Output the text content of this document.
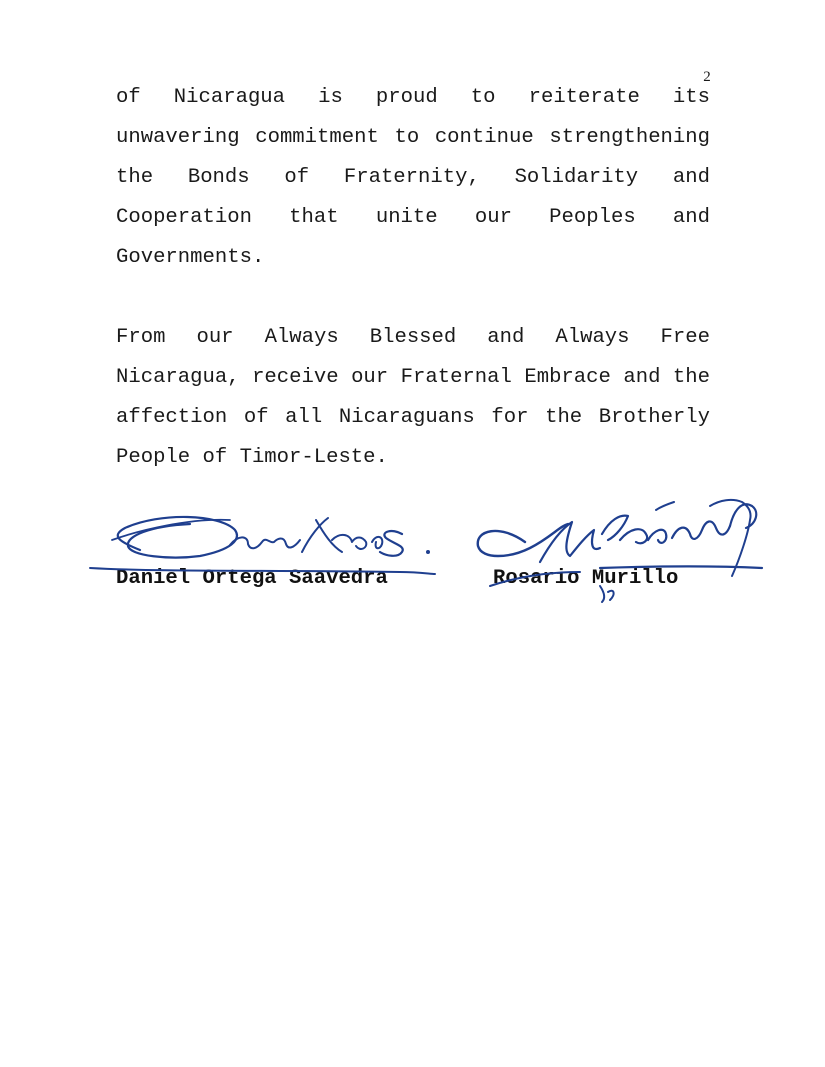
2

of Nicaragua is proud to reiterate its unwavering commitment to continue strengthening the Bonds of Fraternity, Solidarity and Cooperation that unite our Peoples and Governments.

From our Always Blessed and Always Free Nicaragua, receive our Fraternal Embrace and the affection of all Nicaraguans for the Brotherly People of Timor-Leste.

Daniel Ortega Saavedra	Rosario Murillo
